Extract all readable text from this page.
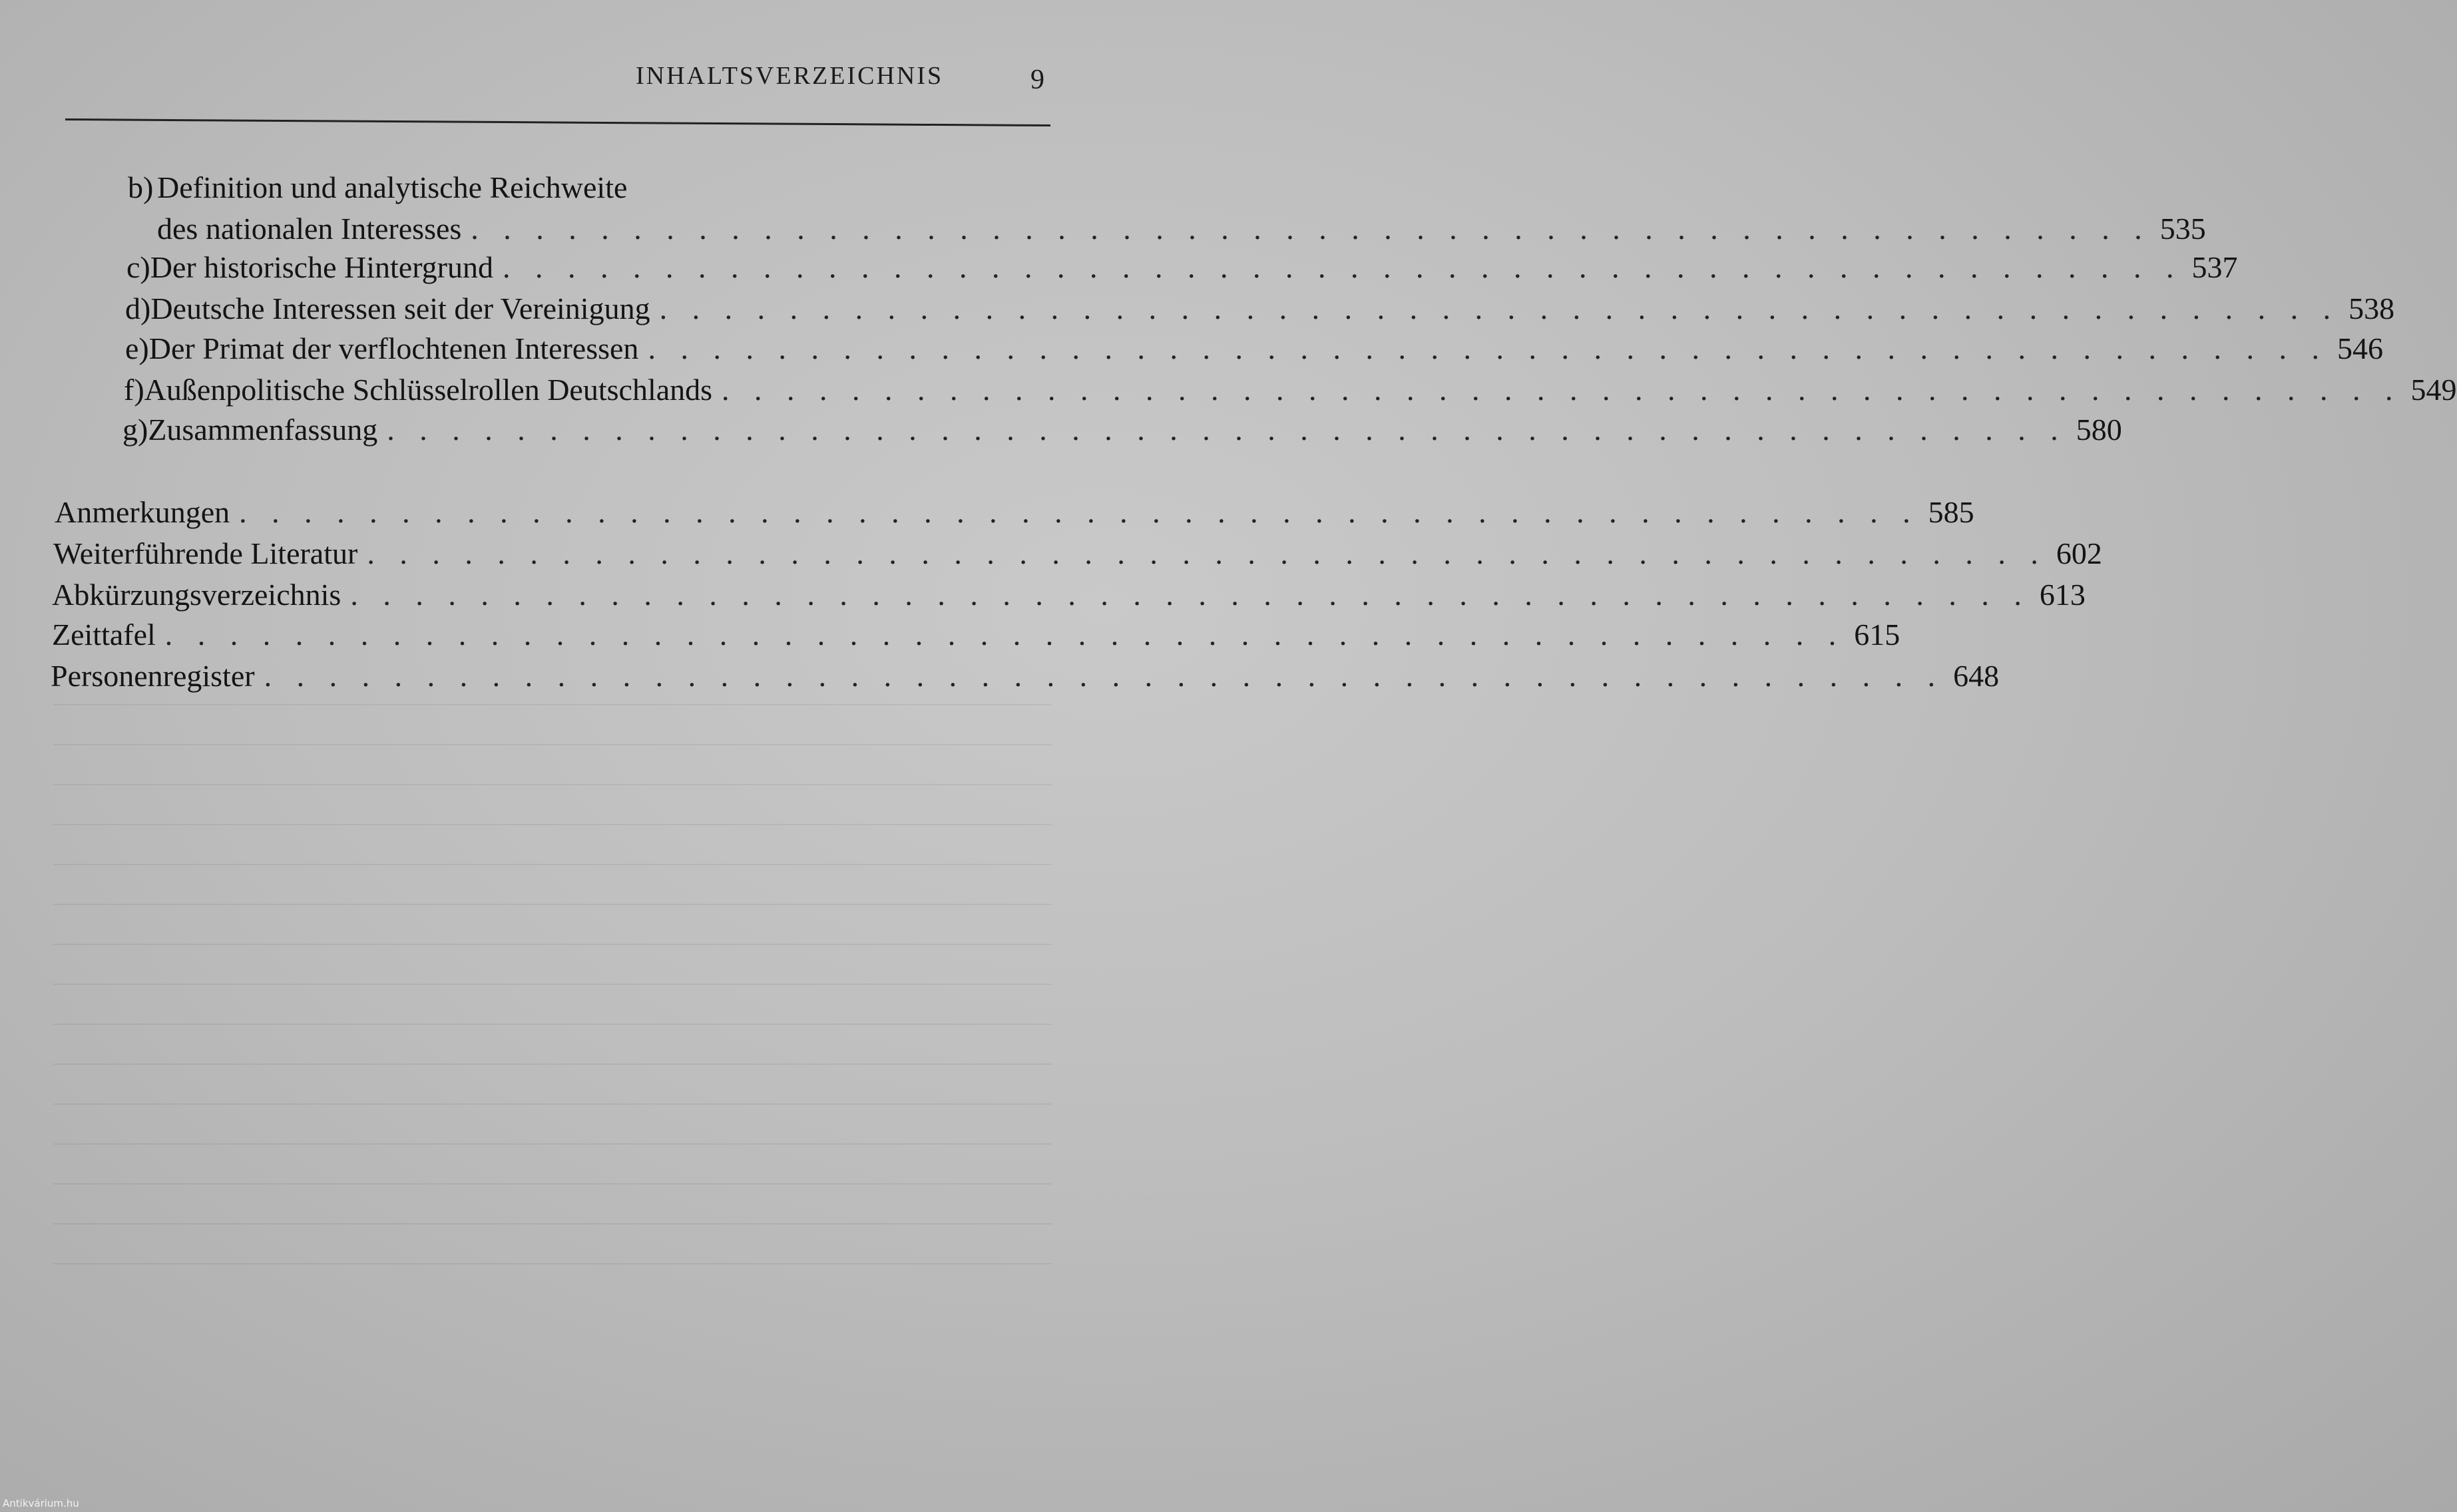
INHALTSVERZEICHNIS	9
b) Definition und analytische Reichweite
des nationalen Interesses . . . . . . . . . . . . . . . . . . . . . . . . . . . . . . . . . . . . . . . . . . . . . . . . . . . . 535
c) Der historische Hintergrund . . . . . . . . . . . . . . . . . . . . . . . . . . . . . . . . . . . . . . . . . . . . . . . . . . . . 537
d) Deutsche Interessen seit der Vereinigung . . . . . . . . . . . . . . . . . . . . . . . . . . . . . . . . . . . . . . . . . . . . . . . . . . . . 538
e) Der Primat der verflochtenen Interessen . . . . . . . . . . . . . . . . . . . . . . . . . . . . . . . . . . . . . . . . . . . . . . . . . . . . 546
f) Außenpolitische Schlüsselrollen Deutschlands . . . . . . . . . . . . . . . . . . . . . . . . . . . . . . . . . . . . . . . . . . . . . . . . . . . . 549
g) Zusammenfassung . . . . . . . . . . . . . . . . . . . . . . . . . . . . . . . . . . . . . . . . . . . . . . . . . . . . 580
Anmerkungen . . . . . . . . . . . . . . . . . . . . . . . . . . . . . . . . . . . . . . . . . . . . . . . . . . . . 585
Weiterführende Literatur . . . . . . . . . . . . . . . . . . . . . . . . . . . . . . . . . . . . . . . . . . . . . . . . . . . . 602
Abkürzungsverzeichnis . . . . . . . . . . . . . . . . . . . . . . . . . . . . . . . . . . . . . . . . . . . . . . . . . . . . 613
Zeittafel . . . . . . . . . . . . . . . . . . . . . . . . . . . . . . . . . . . . . . . . . . . . . . . . . . . . 615
Personenregister . . . . . . . . . . . . . . . . . . . . . . . . . . . . . . . . . . . . . . . . . . . . . . . . . . . . 648
Antikvárium.hu
